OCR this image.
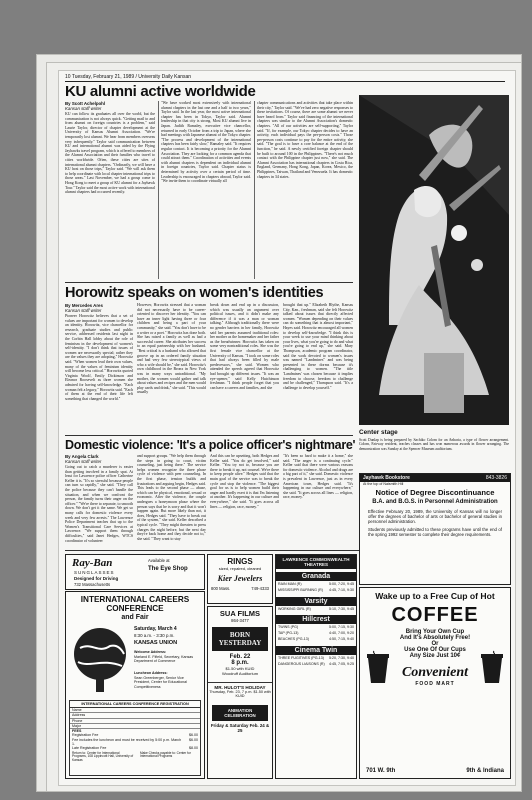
10 Tuesday, February 21, 1989 / University Daily Kansan
KU alumni active worldwide
By Scott Achelpohl
Kansan staff writer
KU can follow its graduates all over the world, but the communication is not always quick. "Getting mail to and from alumni on foreign countries is a problem," said Laurie Taylor, director of chapter development at the University of Kansas Alumni Association. "We're temporarily lost alumni. We hear from members overseas very infrequently." Taylor said communication between KU and international alumni was aided by the Flying Jayhawks travel program, which is offered to members of the Alumni Association and their families who travel to cities worldwide. Often, these cities are sites of international alumni chapters. "Ordinarily, we will have a KU host on those trips," Taylor said. "We will ask them to help coordinate with local chapter international trips to those areas." Last November, we had a group come to Hong Kong to meet a group of KU alumni for a Jayhawk Tour." Taylor said the most active work with international alumni chapters had occurred recently.
"We have worked most extensively with international alumni chapters in the last one and a half to two years," Taylor said. In the last year, the most active international chapter has been in Tokyo, Taylor said. Alumni leadership in that city is strong. Most KU alumni live in Japan. Judith Ramaley, executive vice chancellor, returned in early October from a trip to Japan, where she had meetings with Japanese alumni of the Tokyo chapter. "The process and development of the international chapters has been fairly slow," Ramaley said. "It requires regular contact. It is becoming a priority for the Alumni Association. They are looking for a common agenda that could attract them." Coordination of activities and events with alumni chapters is dependent on individual alumni in foreign countries, Taylor said. Chapter status is determined by activity over a certain period of time. Leadership is encouraged in chapters abroad, Taylor said. "We invite them to coordinate virtually all
chapter communications and activities that take place within their city," Taylor said. "We've had zero negative responses to these invitations. Of course, there are some alumni we never have heard from." Taylor said financing of the international chapters was similar to the Alumni Association's domestic chapters. "All of our activities are self-supporting," Taylor said. "If, for example, our Tokyo chapter decides to have an activity, each individual pays the per-person costs." Those per-person costs continue to pay for the entire activity, she said. "The goal is to have a core balance at the end of the function," he said. A newly certified foreign chapter should be built to around 100 in the Philippines. "There's not much contact with the Philippine chapter just now," she said. The Alumni Association has international chapters in Costa Rica, England, Germany, Hong Kong, Japan, Korea, Mexico, the Philippines, Taiwan, Thailand and Venezuela. It has domestic chapters in 34 states.
Horowitz speaks on women's identities
By Mercedes Ares
Kansan staff writer
Pioneer Horowitz believes that a set of values are important for women to develop an identity. Horowitz, vice chancellor for research, graduate studies and public service, addressed residents last night in the Corbin Hall lobby about the role of feminism in the development of women's self-identity. "I don't think that issues of women are necessarily special; rather they are the values they are adopting," Horowitz said. "When women lead their own values, many of the values of feminism identity will become less critical." Horowitz quoted Virginia Woolf, Emily Dickinson and Eleanor Roosevelt as three women she admired for having self-knowledge. "Each woman felt a legacy," Horowitz said. "Each of them at the end of their life left something that changed the world."
However, Horowitz stressed that a woman did not necessarily have to be career-oriented to discover her identity. "You can have an inner light having three or four children and being a part of your community," she said. "You don't have to be a writer or a poet." Horowitz has done both. She has raised a family as well as had a successful career. She attributes her success to an equal partnership with her husband. "Best critical is a husband who allowed that groove up in an ordered family situation and had very few stereotypical views of who a wife should be," she said. Horowitz's own childhood in the Bronx in New York was in many ways untraditional. "My mother, the women would gather and talk about values and recipes and the men would play cards and drink," she said. "This would usually
break down and end up in a discussion, which was usually an argument over political issues, and it didn't make any difference if it was a man or woman talking." Although traditionally there were no gender barriers in her family, Horowitz said her parents assumed traditional roles: her mother as the homemaker and her father as the breadwinner. Horowitz has taken on some very nontraditional roles. She was the first female vice chancellor at the University of Kansas. "I took on some roles that had always been filled by male predecessors," she said. Women who attended the speech agreed that Horowitz had brought up different issues. "It was an eye-opener," said Kelly Hutchinson freshman. "I think people forget that you can have a careers and families, and she
brought that up." Elizabeth Blythe, Kansas City, Kan., freshman, said she felt Horowitz talked about issues that directly affected women. "Women depending on their values can do something that is almost important," Hayes said. Horowitz encouraged all women to develop self-knowledge. "I think this is your week to use your mind thinking about your lives, what you're going to do and what you're going to end up," she said. Mary Thompson, academic program coordinator, said the work devoted to women's issues was named "Landmines" and was being presented in these dorms because it's challenging to women. "The title 'Landmines' was chosen because it implies freedom to choose, freedom to challenge and be challenged," Thompson said. "It's a challenge to develop yourself."
Center stage
Scott Dunlap is being prepared by Sachiko Colom for an Anbaria, a type of flower arrangement. Colom, Fairway resident, teaches classes and has won numerous awards in flower arranging. The demonstration was Sunday at the Spencer Museum auditorium.
Domestic violence: 'It's a police officer's nightmare'
By Angela Clark
Kansan staff writer
Going out to catch a murderer is easier than getting involved in a family spat. At least for Lawrence police officer Catherine Keller it is. "It's so stressful because people can turn so rapidly," she said. "They call the police because they can't handle the situation, and when we confront the person, the family turns their anger on the officer." "We're there to separate, to smooth down. We don't get it the same. We get so many calls for domestic violence every week and very few arrests." The Lawrence Police Department teaches that up to the Women's Transitional Care Services at Lawrence. "We support them through difficulties," said Janet Hedges, WTCS coordinator of volunteer
and support groups. "We help them through the steps in going to court, victim counseling, just being there." The service helps women recognize the three phase cycle of violence with peer counseling. In the first phase, tension builds and frustrations and arguing begin, Hedges said. This leads to the second phase — abuse, which can be physical, emotional, sexual or economic. After the violence, the couple undergoes a honeymoon phase where the person says that he is sorry and that it won't happen again. But more likely than not, it does, Hedges said. "They have to break out of the system," she said. Keller described a typical cycle. "They might threaten to press charges the night before, but the next day they're back home and they decide not to," she said. "They want to stay
And this can be upsetting, both Hedges and Keller said. "You do get involved," said Keller. "You try not to, because you are there to break it up, not counsel. We're there to keep people alive." Hedges said that the main goal of the service was to break the cycle and stop the violence. "The biggest goal for us is to help women build their anger and hardly exert it is that I'm listening at another. It's happening in our culture and everywhere," she said. "It goes across all lines — religion, race, money."
"It's been so hard to make it a home," she said. "The anger is a continuing cycle." Keller said that there were various reasons for domestic violence. Alcohol and drugs are a big part of it," she said. Domestic violence is prevalent in Lawrence, just as in every American town, Hedges said. "It's happening in our culture and everywhere," she said. "It goes across all lines — religion, race, money."
Ray-Ban
SUNGLASSES
Designed for Driving
Available at
The Eye Shop
732 Massachusetts
INTERNATIONAL CAREERS CONFERENCE
and Fair
Saturday, March 4
8:30 a.m. - 3:30 p.m.
KANSAS UNION
Welcome Address:
Marland E. Fifield, Secretary, Kansas Department of Commerce
Luncheon Address:
Sean Greenberger, Senior Vice President, Center for Educational Competitiveness
INTERNATIONAL CAREERS CONFERENCE REGISTRATION
Name
Address
Phone
Major
FEES
Registration Fee	$6.00
Fee includes the luncheon and must be received by 5:00 p.m. March 1.
$6.00
Late Registration Fee	$8.00
Return to: Center for International Programs, 108 Lippincott Hall, University of Kansas
Make Checks payable to: Center for International Programs
RINGS
sized, repaired, cleaned
Kier Jewelers
800 Mass.	749-4333
SUA FILMS
864-3477
BORN YESTERDAY
Feb. 22
8 p.m.
$1.50 with KUID
Woodruff Auditorium
MR. HULOT'S HOLIDAY
Thursday, Feb. 23, 7 p.m. $1.50 with KUID
ANIMATION CELEBRATION
Friday & Saturday Feb. 24 & 25
LAWRENCE COMMONWEALTH THEATRES
Granada
RAIN MAN (R)	5:00, 7:20, 9:45
MISSISSIPPI BURNING (R) 4:45, 7:10, 9:30
Varsity
WORKING GIRL (R)	5:10, 7:30, 9:45
Hillcrest
TWINS (PG)	5:00, 7:15, 9:30
TAP (PG-13)	4:40, 7:00, 9:20
BEACHES (PG-13)	4:50, 7:15, 9:40
Cinema Twin
THREE FUGITIVES (PG-13) 5:20, 7:30, 9:40
DANGEROUS LIAISONS (R) 4:45, 7:05, 9:25
Jayhawk Bookstore	843-3826
At the top of Naismith Hill
Notice of Degree Discontinuance
B.A. and B.G.S. in Personnel Administration
Effective February 20, 1989, the University of Kansas will no longer offer the degrees of bachelor of arts or bachelor of general studies in personnel administration.
Students previously admitted to these programs have until the end of the spring 1992 semester to complete their degree requirements.
Wake up to a Free Cup of Hot
COFFEE
Bring Your Own Cup
And It's Absolutely Free!
Or
Use One Of Our Cups
Any Size Just 10¢
Convenient
FOOD MART
701 W. 9th	9th & Indiana
